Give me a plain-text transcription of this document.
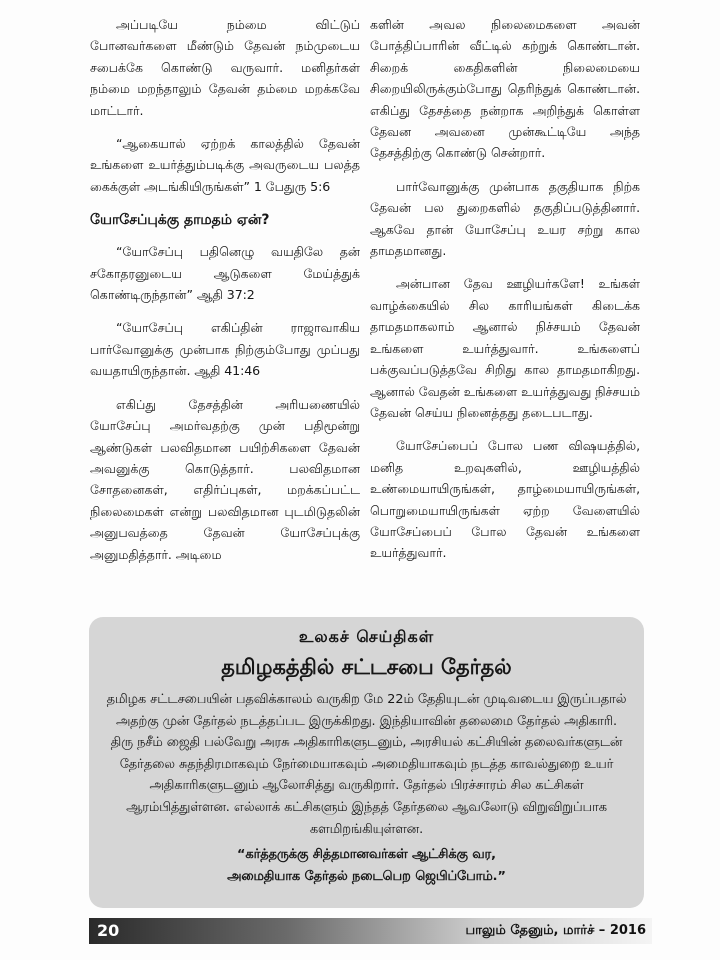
அப்படியே நம்மை விட்டுப் போனவர்களை மீண்டும் தேவன் நம்முடைய சபைக்கே கொண்டு வருவார். மனிதர்கள் நம்மை மறந்தாலும் தேவன் தம்மை மறக்கவே மாட்டார்.

“ஆகையால் ஏற்றக் காலத்தில் தேவன் உங்களை உயர்த்தும்படிக்கு அவருடைய பலத்த கைக்குள் அடங்கியிருங்கள்” 1 பேதுரு 5:6

யோசேப்புக்கு தாமதம் ஏன்?

“யோசேப்பு பதினெழு வயதிலே தன் சகோதரனுடைய ஆடுகளை மேய்த்துக் கொண்டிருந்தான்” ஆதி 37:2

“யோசேப்பு எகிப்தின் ராஜாவாகிய பார்வோனுக்கு முன்பாக நிற்கும்போது முப்பது வயதாயிருந்தான். ஆதி 41:46

எகிப்து தேசத்தின் அரியணையில் யோசேப்பு அமர்வதற்கு முன் பதிமூன்று ஆண்டுகள் பலவிதமான பயிற்சிகளை தேவன் அவனுக்கு கொடுத்தார். பலவிதமான சோதனைகள், எதிர்ப்புகள், மறக்கப்பட்ட நிலைமைகள் என்று பலவிதமான புடமிடுதலின் அனுபவத்தை தேவன் யோசேப்புக்கு அனுமதித்தார். அடிமை

களின் அவல நிலைமைகளை அவன் போத்திப்பாரின் வீட்டில் கற்றுக் கொண்டான். சிறைக் கைதிகளின் நிலைமையை சிறையிலிருக்கும்போது தெரிந்துக் கொண்டான். எகிப்து தேசத்தை நன்றாக அறிந்துக் கொள்ள தேவன அவனை முன்கூட்டியே அந்த தேசத்திற்கு கொண்டு சென்றார்.

பார்வோனுக்கு முன்பாக தகுதியாக நிற்க தேவன் பல துறைகளில் தகுதிப்படுத்தினார். ஆகவே தான் யோசேப்பு உயர சற்று கால தாமதமானது.

அன்பான தேவ ஊழியர்களே! உங்கள் வாழ்க்கையில் சில காரியங்கள் கிடைக்க தாமதமாகலாம் ஆனால் நிச்சயம் தேவன் உங்களை உயர்த்துவார். உங்களைப் பக்குவப்படுத்தவே சிறிது கால தாமதமாகிறது. ஆனால் வேதன் உங்களை உயர்த்துவது நிச்சயம் தேவன் செய்ய நினைத்தது தடைபடாது.

யோசேப்பைப் போல பண விஷயத்தில், மனித உறவுகளில், ஊழியத்தில் உண்மையாயிருங்கள், தாழ்மையாயிருங்கள், பொறுமையாயிருங்கள் ஏற்ற வேளையில் யோசேப்பைப் போல தேவன் உங்களை உயர்த்துவார்.

உலகச் செய்திகள்
தமிழகத்தில் சட்டசபை தேர்தல்

தமிழக சட்டசபையின் பதவிக்காலம் வருகிற மே 22ம் தேதியுடன் முடிவடைய இருப்பதால் அதற்கு முன் தேர்தல் நடத்தப்பட இருக்கிறது. இந்தியாவின் தலைமை தேர்தல் அதிகாரி. திரு நசீம் ஜைதி பல்வேறு அரசு அதிகாரிகளுடனும், அரசியல் கட்சியின் தலைவர்களுடன் தேர்தலை சுதந்திரமாகவும் நேர்மையாகவும் அமைதியாகவும் நடத்த காவல்துறை உயர் அதிகாரிகளுடனும் ஆலோசித்து வருகிறார். தேர்தல் பிரச்சாரம் சில கட்சிகள் ஆரம்பித்துள்ளன. எல்லாக் கட்சிகளும் இந்தத் தேர்தலை ஆவலோடு விறுவிறுப்பாக களமிறங்கியுள்ளன.

“கர்த்தருக்கு சித்தமானவர்கள் ஆட்சிக்கு வர,
அமைதியாக தேர்தல் நடைபெற ஜெபிப்போம்.”
20	பாலும் தேனும், மார்ச் – 2016
